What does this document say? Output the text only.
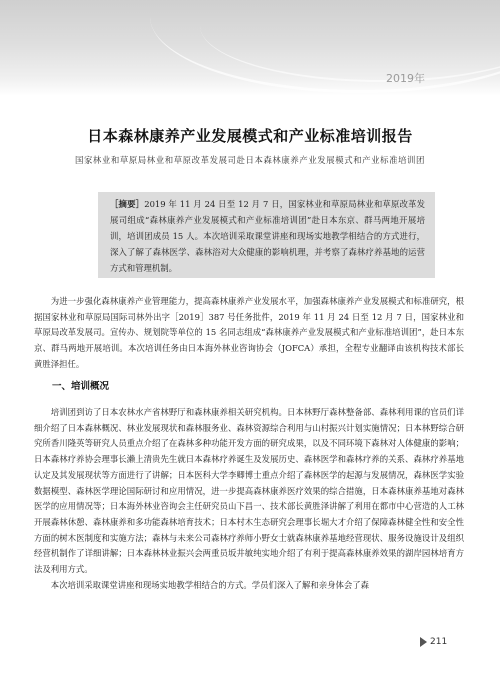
2019年
日本森林康养产业发展模式和产业标准培训报告
国家林业和草原局林业和草原改革发展司赴日本森林康养产业发展模式和产业标准培训团
［摘要］2019 年 11 月 24 日至 12 月 7 日，国家林业和草原局林业和草原改革发展司组成“森林康养产业发展模式和产业标准培训团”赴日本东京、群马两地开展培训，培训团成员 15 人。本次培训采取课堂讲座和现场实地教学相结合的方式进行，深入了解了森林医学、森林浴对大众健康的影响机理，并考察了森林疗养基地的运营方式和管理机制。

为进一步强化森林康养产业管理能力，提高森林康养产业发展水平，加强森林康养产业发展模式和标准研究，根据国家林业和草原局国际司林外出字［2019］387 号任务批件，2019 年 11 月 24 日至 12 月 7 日，国家林业和草原局改革发展司。宣传办、规划院等单位的 15 名同志组成“森林康养产业发展模式和产业标准培训团”，赴日本东京、群马两地开展培训。本次培训任务由日本海外林业咨询协会（JOFCA）承担，全程专业翻译由该机构技术部长黄胜泽担任。

一、培训概况

培训团到访了日本农林水产省林野厅和森林康养相关研究机构。日本林野厅森林整备部、森林利用课的官员们详细介绍了日本森林概况、林业发展现状和森林服务业、森林资源综合利用与山村振兴计划实施情况；日本林野综合研究所香川隆英等研究人员重点介绍了在森林多种功能开发方面的研究成果，以及不同环境下森林对人体健康的影响；日本森林疗养协会理事长濑上清贵先生就日本森林疗养诞生及发展历史、森林医学和森林疗养的关系、森林疗养基地认定及其发展现状等方面进行了讲解；日本医科大学李卿博士重点介绍了森林医学的起源与发展情况，森林医学实验数据模型、森林医学理论国际研讨和应用情况，进一步提高森林康养医疗效果的综合措施，日本森林康养基地对森林医学的应用情况等；日本海外林业咨询会主任研究员山下昌一、技术部长黄胜泽讲解了利用在都市中心营造的人工林开展森林休憩、森林康养和多功能森林培育技术；日本村木生态研究会理事长堀大才介绍了保障森林健全性和安全性方面的树木医制度和实施方法；森林与未来公司森林疗养师小野女士就森林康养基地经营现状、服务设施设计及组织经营机制作了详细讲解；日本森林林业振兴会两重员坂井敏纯实地介绍了有利于提高森林康养效果的湖岸园林培育方法及利用方式。

本次培训采取课堂讲座和现场实地教学相结合的方式。学员们深入了解和亲身体会了森

211
